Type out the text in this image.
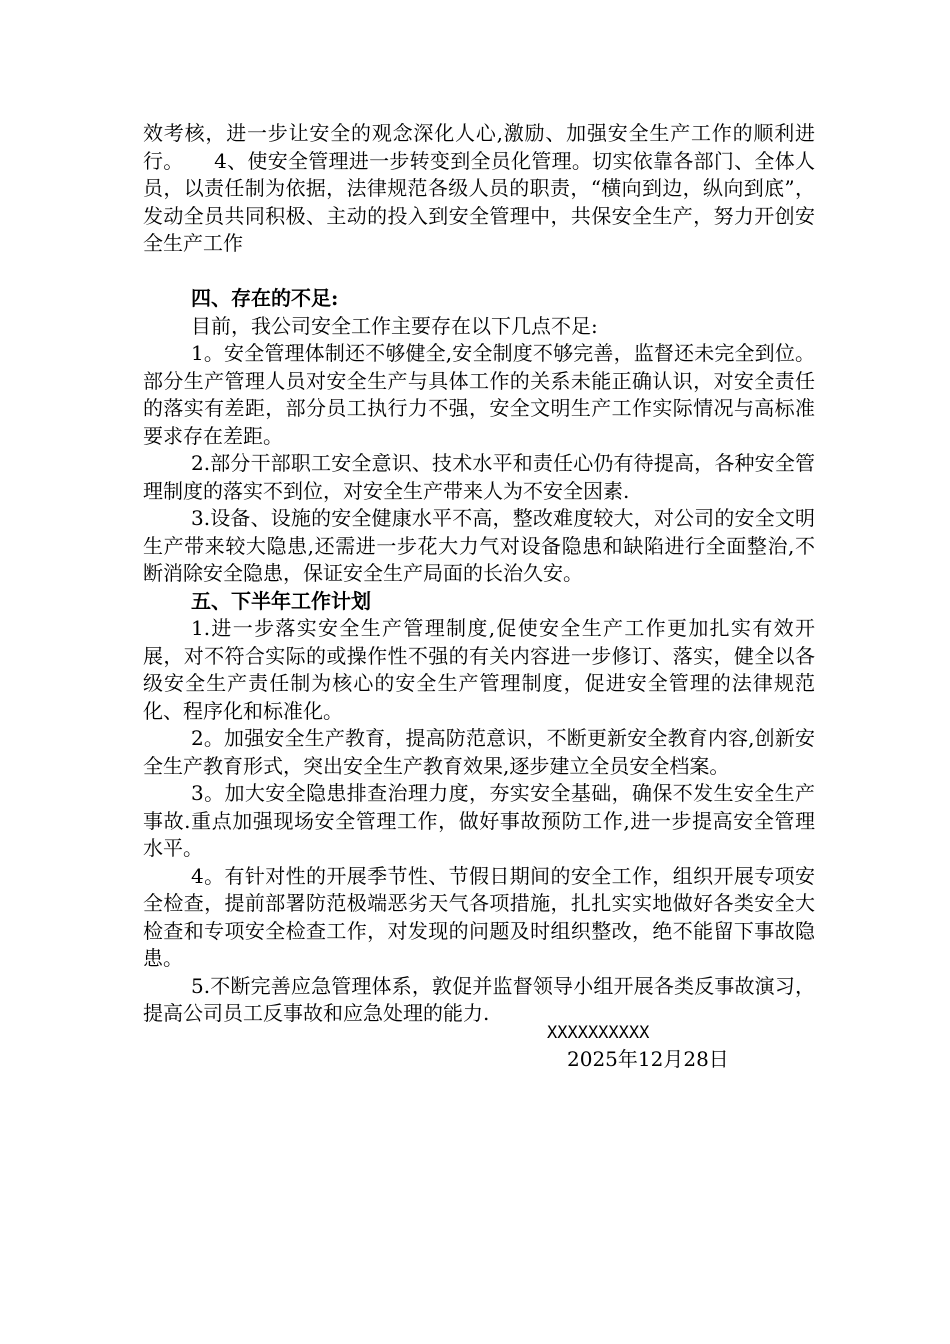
效考核，进一步让安全的观念深化人心,激励、加强安全生产工作的顺利进行。　　4、使安全管理进一步转变到全员化管理。切实依靠各部门、全体人员，以责任制为依据，法律规范各级人员的职责，“横向到边，纵向到底”，发动全员共同积极、主动的投入到安全管理中，共保安全生产，努力开创安全生产工作

四、存在的不足:

目前，我公司安全工作主要存在以下几点不足:

1。安全管理体制还不够健全,安全制度不够完善，监督还未完全到位。部分生产管理人员对安全生产与具体工作的关系未能正确认识，对安全责任的落实有差距，部分员工执行力不强，安全文明生产工作实际情况与高标准要求存在差距。

2.部分干部职工安全意识、技术水平和责任心仍有待提高，各种安全管理制度的落实不到位，对安全生产带来人为不安全因素.

3.设备、设施的安全健康水平不高，整改难度较大，对公司的安全文明生产带来较大隐患,还需进一步花大力气对设备隐患和缺陷进行全面整治,不断消除安全隐患，保证安全生产局面的长治久安。

五、下半年工作计划

1.进一步落实安全生产管理制度,促使安全生产工作更加扎实有效开展，对不符合实际的或操作性不强的有关内容进一步修订、落实，健全以各级安全生产责任制为核心的安全生产管理制度，促进安全管理的法律规范化、程序化和标准化。

2。加强安全生产教育，提高防范意识，不断更新安全教育内容,创新安全生产教育形式，突出安全生产教育效果,逐步建立全员安全档案。

3。加大安全隐患排查治理力度，夯实安全基础，确保不发生安全生产事故.重点加强现场安全管理工作，做好事故预防工作,进一步提高安全管理水平。

4。有针对性的开展季节性、节假日期间的安全工作，组织开展专项安全检查，提前部署防范极端恶劣天气各项措施，扎扎实实地做好各类安全大检查和专项安全检查工作，对发现的问题及时组织整改，绝不能留下事故隐患。

5.不断完善应急管理体系，敦促并监督领导小组开展各类反事故演习，提高公司员工反事故和应急处理的能力.

XXXXXXXXXX
2025年12月28日
